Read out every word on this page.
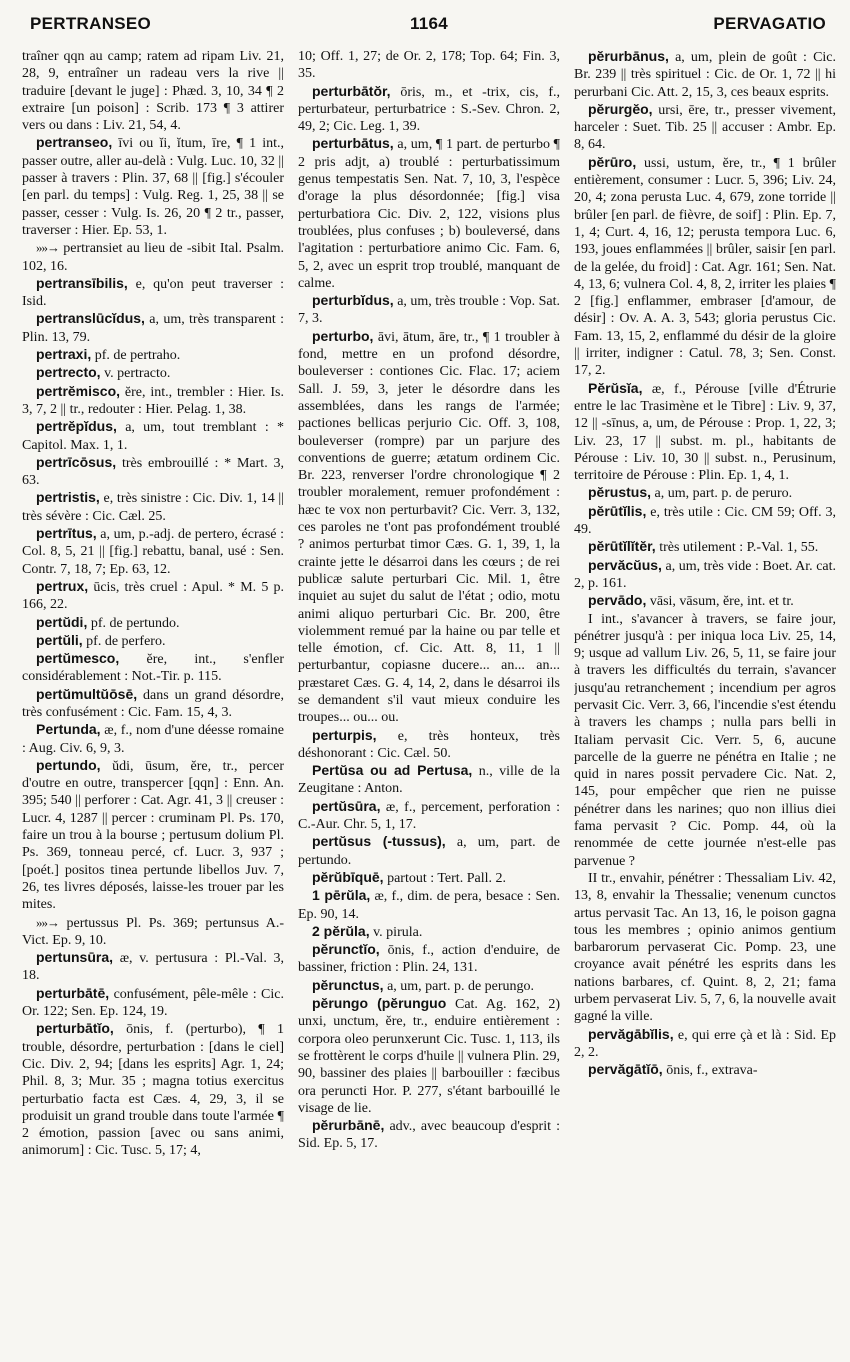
1164
PERTRANSEO	PERVAGATIO

traîner qqn au camp; ratem ad ripam Liv. 21, 28, 9, entraîner un radeau vers la rive || traduire [devant le juge] : Phæd. 3, 10, 34 ¶ 2 extraire [un poison] : Scrib. 173 ¶ 3 attirer vers ou dans : Liv. 21, 54, 4.

pertranseo, īvi ou ĭi, ĭtum, īre, ¶ 1 int., passer outre, aller au-delà : Vulg. Luc. 10, 32 || passer à travers : Plin. 37, 68 || [fig.] s'écouler [en parl. du temps] : Vulg. Reg. 1, 25, 38 || se passer, cesser : Vulg. Is. 26, 20 ¶ 2 tr., passer, traverser : Hier. Ep. 53, 1.

»»→ pertransiet au lieu de -sibit Ital. Psalm. 102, 16.

pertransībilis, e, qu'on peut traverser : Isid.

pertranslūcĭdus, a, um, très transparent : Plin. 13, 79.

pertraxi, pf. de pertraho.

pertrecto, v. pertracto.

pertrĕmisco, ĕre, int., trembler : Hier. Is. 3, 7, 2 || tr., redouter : Hier. Pelag. 1, 38.

pertrĕpĭdus, a, um, tout tremblant : * Capitol. Max. 1, 1.

pertrīcōsus, très embrouillé : * Mart. 3, 63.

pertristis, e, très sinistre : Cic. Div. 1, 14 || très sévère : Cic. Cæl. 25.

pertrītus, a, um, p.-adj. de pertero, écrasé : Col. 8, 5, 21 || [fig.] rebattu, banal, usé : Sen. Contr. 7, 18, 7; Ep. 63, 12.

pertrux, ūcis, très cruel : Apul. * M. 5 p. 166, 22.

pertŭdi, pf. de pertundo.

pertŭli, pf. de perfero.

pertŭmesco, ĕre, int., s'enfler considérablement : Not.-Tir. p. 115.

pertŭmultŭōsē, dans un grand désordre, très confusément : Cic. Fam. 15, 4, 3.

Pertunda, æ, f., nom d'une déesse romaine : Aug. Civ. 6, 9, 3.

pertundo, ŭdi, ūsum, ĕre, tr., percer d'outre en outre, transpercer [qqn] : Enn. An. 395; 540 || perforer : Cat. Agr. 41, 3 || creuser : Lucr. 4, 1287 || percer : cruminam Pl. Ps. 170, faire un trou à la bourse ; pertusum dolium Pl. Ps. 369, tonneau percé, cf. Lucr. 3, 937 ; [poét.] positos tinea pertunde libellos Juv. 7, 26, tes livres déposés, laisse-les trouer par les mites.

»»→ pertussus Pl. Ps. 369; pertunsus A.-Vict. Ep. 9, 10.

pertunsūra, æ, v. pertusura : Pl.-Val. 3, 18.

perturbātē, confusément, pêle-mêle : Cic. Or. 122; Sen. Ep. 124, 19.

perturbātĭo, ōnis, f. (perturbo), ¶ 1 trouble, désordre, perturbation : [dans le ciel] Cic. Div. 2, 94; [dans les esprits] Agr. 1, 24; Phil. 8, 3; Mur. 35 ; magna totius exercitus perturbatio facta est Cæs. 4, 29, 3, il se produisit un grand trouble dans toute l'armée ¶ 2 émotion, passion [avec ou sans animi, animorum] : Cic. Tusc. 5, 17; 4,

10; Off. 1, 27; de Or. 2, 178; Top. 64; Fin. 3, 35.

perturbātŏr, ōris, m., et -trix, cis, f., perturbateur, perturbatrice : S.-Sev. Chron. 2, 49, 2; Cic. Leg. 1, 39.

perturbātus, a, um, ¶ 1 part. de perturbo ¶ 2 pris adjt, a) troublé : perturbatissimum genus tempestatis Sen. Nat. 7, 10, 3, l'espèce d'orage la plus désordonnée; [fig.] visa perturbatiora Cic. Div. 2, 122, visions plus troublées, plus confuses ; b) bouleversé, dans l'agitation : perturbatiore animo Cic. Fam. 6, 5, 2, avec un esprit trop troublé, manquant de calme.

perturbĭdus, a, um, très trouble : Vop. Sat. 7, 3.

perturbo, āvi, ātum, āre, tr., ¶ 1 troubler à fond, mettre en un profond désordre, bouleverser : contiones Cic. Flac. 17; aciem Sall. J. 59, 3, jeter le désordre dans les assemblées, dans les rangs de l'armée; pactiones bellicas perjurio Cic. Off. 3, 108, bouleverser (rompre) par un parjure des conventions de guerre; ætatum ordinem Cic. Br. 223, renverser l'ordre chronologique ¶ 2 troubler moralement, remuer profondément : hæc te vox non perturbavit? Cic. Verr. 3, 132, ces paroles ne t'ont pas profondément troublé ? animos perturbat timor Cæs. G. 1, 39, 1, la crainte jette le désarroi dans les cœurs ; de rei publicæ salute perturbari Cic. Mil. 1, être inquiet au sujet du salut de l'état ; odio, motu animi aliquo perturbari Cic. Br. 200, être violemment remué par la haine ou par telle et telle émotion, cf. Cic. Att. 8, 11, 1 || perturbantur, copiasne ducere... an... an... præstaret Cæs. G. 4, 14, 2, dans le désarroi ils se demandent s'il vaut mieux conduire les troupes... ou... ou.

perturpis, e, très honteux, très déshonorant : Cic. Cæl. 50.

Pertŭsa ou ad Pertusa, n., ville de la Zeugitane : Anton.

pertŭsūra, æ, f., percement, perforation : C.-Aur. Chr. 5, 1, 17.

pertŭsus (-tussus), a, um, part. de pertundo.

pĕrŭbīquē, partout : Tert. Pall. 2.

1 pērŭla, æ, f., dim. de pera, besace : Sen. Ep. 90, 14.

2 pĕrŭla, v. pirula.

pĕrunctĭo, ōnis, f., action d'enduire, de bassiner, friction : Plin. 24, 131.

pĕrunctus, a, um, part. p. de perungo.

pĕrungo (pĕrunguo Cat. Ag. 162, 2) unxi, unctum, ĕre, tr., enduire entièrement : corpora oleo perunxerunt Cic. Tusc. 1, 113, ils se frottèrent le corps d'huile || vulnera Plin. 29, 90, bassiner des plaies || barbouiller : fæcibus ora peruncti Hor. P. 277, s'étant barbouillé le visage de lie.

pĕrurbānē, adv., avec beaucoup d'esprit : Sid. Ep. 5, 17.

pĕrurbānus, a, um, plein de goût : Cic. Br. 239 || très spirituel : Cic. de Or. 1, 72 || hi perurbani Cic. Att. 2, 15, 3, ces beaux esprits.

pĕrurgĕo, ursi, ēre, tr., presser vivement, harceler : Suet. Tib. 25 || accuser : Ambr. Ep. 8, 64.

pĕrūro, ussi, ustum, ĕre, tr., ¶ 1 brûler entièrement, consumer : Lucr. 5, 396; Liv. 24, 20, 4; zona perusta Luc. 4, 679, zone torride || brûler [en parl. de fièvre, de soif] : Plin. Ep. 7, 1, 4; Curt. 4, 16, 12; perusta tempora Luc. 6, 193, joues enflammées || brûler, saisir [en parl. de la gelée, du froid] : Cat. Agr. 161; Sen. Nat. 4, 13, 6; vulnera Col. 4, 8, 2, irriter les plaies ¶ 2 [fig.] enflammer, embraser [d'amour, de désir] : Ov. A. A. 3, 543; gloria perustus Cic. Fam. 13, 15, 2, enflammé du désir de la gloire || irriter, indigner : Catul. 78, 3; Sen. Const. 17, 2.

Pĕrŭsĭa, æ, f., Pérouse [ville d'Étrurie entre le lac Trasimène et le Tibre] : Liv. 9, 37, 12 || -sīnus, a, um, de Pérouse : Prop. 1, 22, 3; Liv. 23, 17 || subst. m. pl., habitants de Pérouse : Liv. 10, 30 || subst. n., Perusinum, territoire de Pérouse : Plin. Ep. 1, 4, 1.

pĕrustus, a, um, part. p. de peruro.

pĕrūtĭlis, e, très utile : Cic. CM 59; Off. 3, 49.

pĕrūtĭlĭtĕr, très utilement : P.-Val. 1, 55.

pervăcŭus, a, um, très vide : Boet. Ar. cat. 2, p. 161.

pervādo, vāsi, vāsum, ĕre, int. et tr.

I int., s'avancer à travers, se faire jour, pénétrer jusqu'à : per iniqua loca Liv. 25, 14, 9; usque ad vallum Liv. 26, 5, 11, se faire jour à travers les difficultés du terrain, s'avancer jusqu'au retranchement ; incendium per agros pervasit Cic. Verr. 3, 66, l'incendie s'est étendu à travers les champs ; nulla pars belli in Italiam pervasit Cic. Verr. 5, 6, aucune parcelle de la guerre ne pénétra en Italie ; ne quid in nares possit pervadere Cic. Nat. 2, 145, pour empêcher que rien ne puisse pénétrer dans les narines; quo non illius diei fama pervasit ? Cic. Pomp. 44, où la renommée de cette journée n'est-elle pas parvenue ?

II tr., envahir, pénétrer : Thessaliam Liv. 42, 13, 8, envahir la Thessalie; venenum cunctos artus pervasit Tac. An 13, 16, le poison gagna tous les membres ; opinio animos gentium barbarorum pervaserat Cic. Pomp. 23, une croyance avait pénétré les esprits dans les nations barbares, cf. Quint. 8, 2, 21; fama urbem pervaserat Liv. 5, 7, 6, la nouvelle avait gagné la ville.

pervăgābĭlis, e, qui erre çà et là : Sid. Ep 2, 2.

pervăgātĭō, ōnis, f., extrava-
